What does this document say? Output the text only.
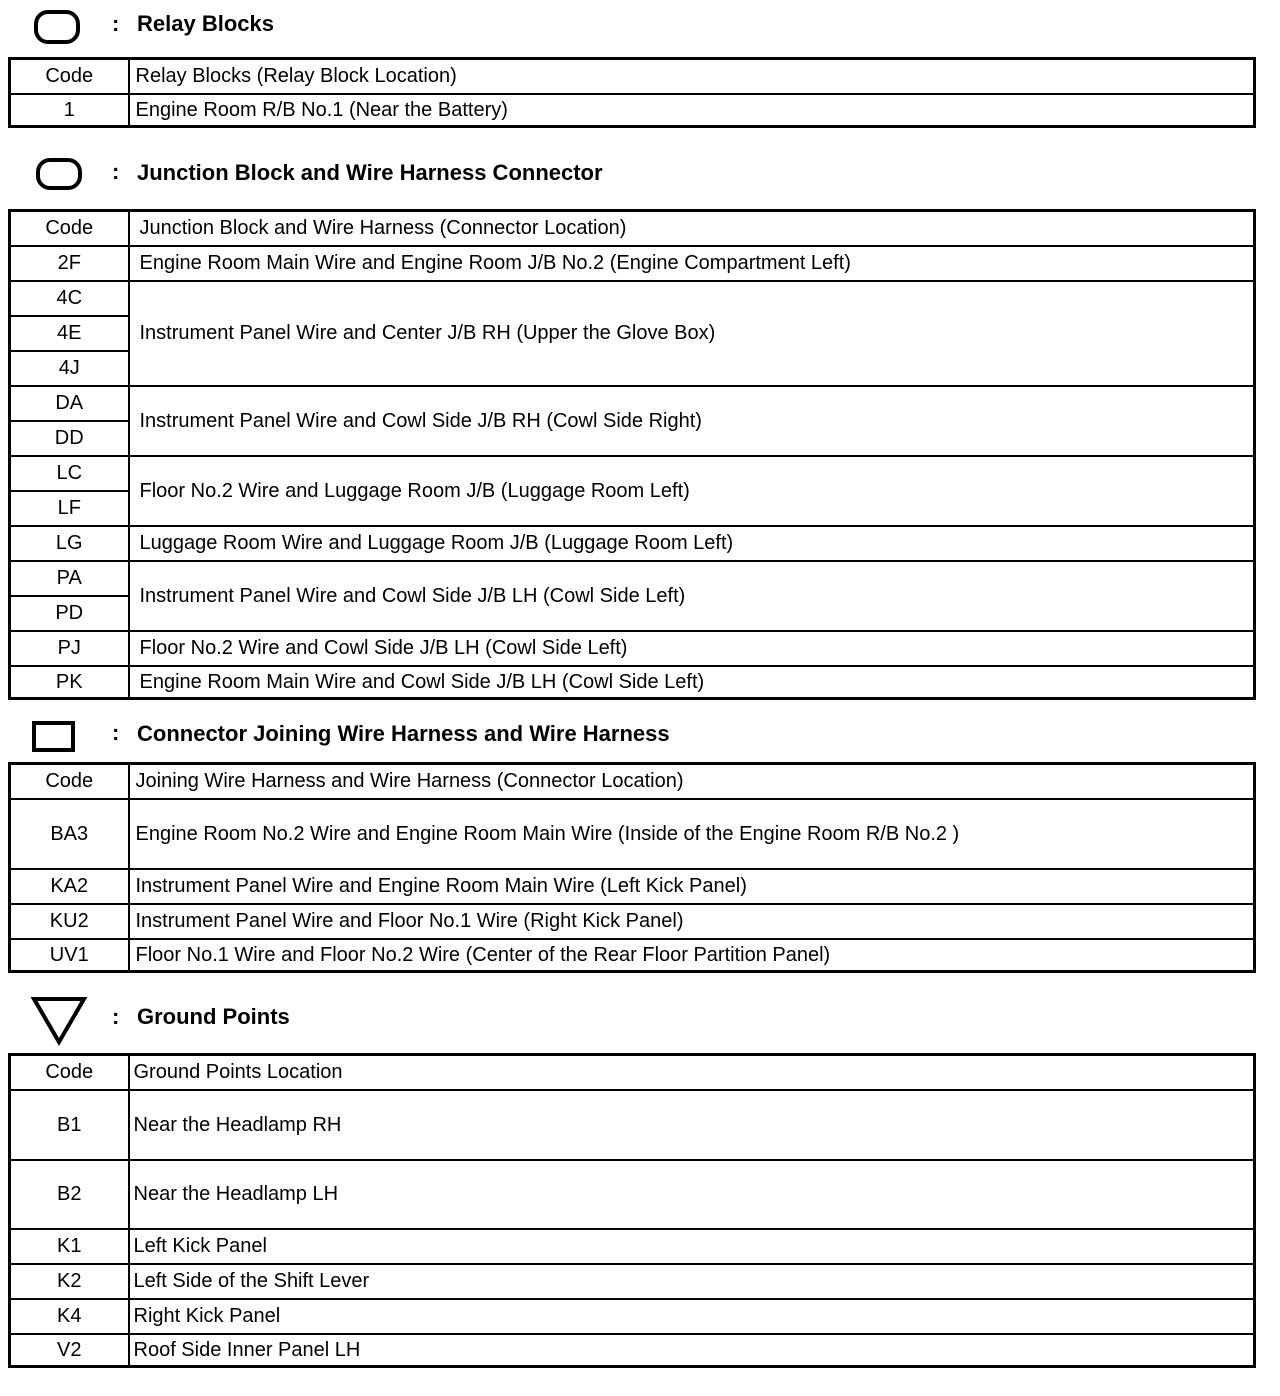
: Relay Blocks
Code	Relay Blocks (Relay Block Location)
1	Engine Room R/B No.1 (Near the Battery)
: Junction Block and Wire Harness Connector
Code	Junction Block and Wire Harness (Connector Location)
2F	Engine Room Main Wire and Engine Room J/B No.2 (Engine Compartment Left)
4C	Instrument Panel Wire and Center J/B RH (Upper the Glove Box)
4E	
4J	
DA	Instrument Panel Wire and Cowl Side J/B RH (Cowl Side Right)
DD	
LC	Floor No.2 Wire and Luggage Room J/B (Luggage Room Left)
LF	
LG	Luggage Room Wire and Luggage Room J/B (Luggage Room Left)
PA	Instrument Panel Wire and Cowl Side J/B LH (Cowl Side Left)
PD	
PJ	Floor No.2 Wire and Cowl Side J/B LH (Cowl Side Left)
PK	Engine Room Main Wire and Cowl Side J/B LH (Cowl Side Left)
: Connector Joining Wire Harness and Wire Harness
Code	Joining Wire Harness and Wire Harness (Connector Location)
BA3	Engine Room No.2 Wire and Engine Room Main Wire (Inside of the Engine Room R/B No.2 )
KA2	Instrument Panel Wire and Engine Room Main Wire (Left Kick Panel)
KU2	Instrument Panel Wire and Floor No.1 Wire (Right Kick Panel)
UV1	Floor No.1 Wire and Floor No.2 Wire (Center of the Rear Floor Partition Panel)
: Ground Points
Code	Ground Points Location
B1	Near the Headlamp RH
B2	Near the Headlamp LH
K1	Left Kick Panel
K2	Left Side of the Shift Lever
K4	Right Kick Panel
V2	Roof Side Inner Panel LH
